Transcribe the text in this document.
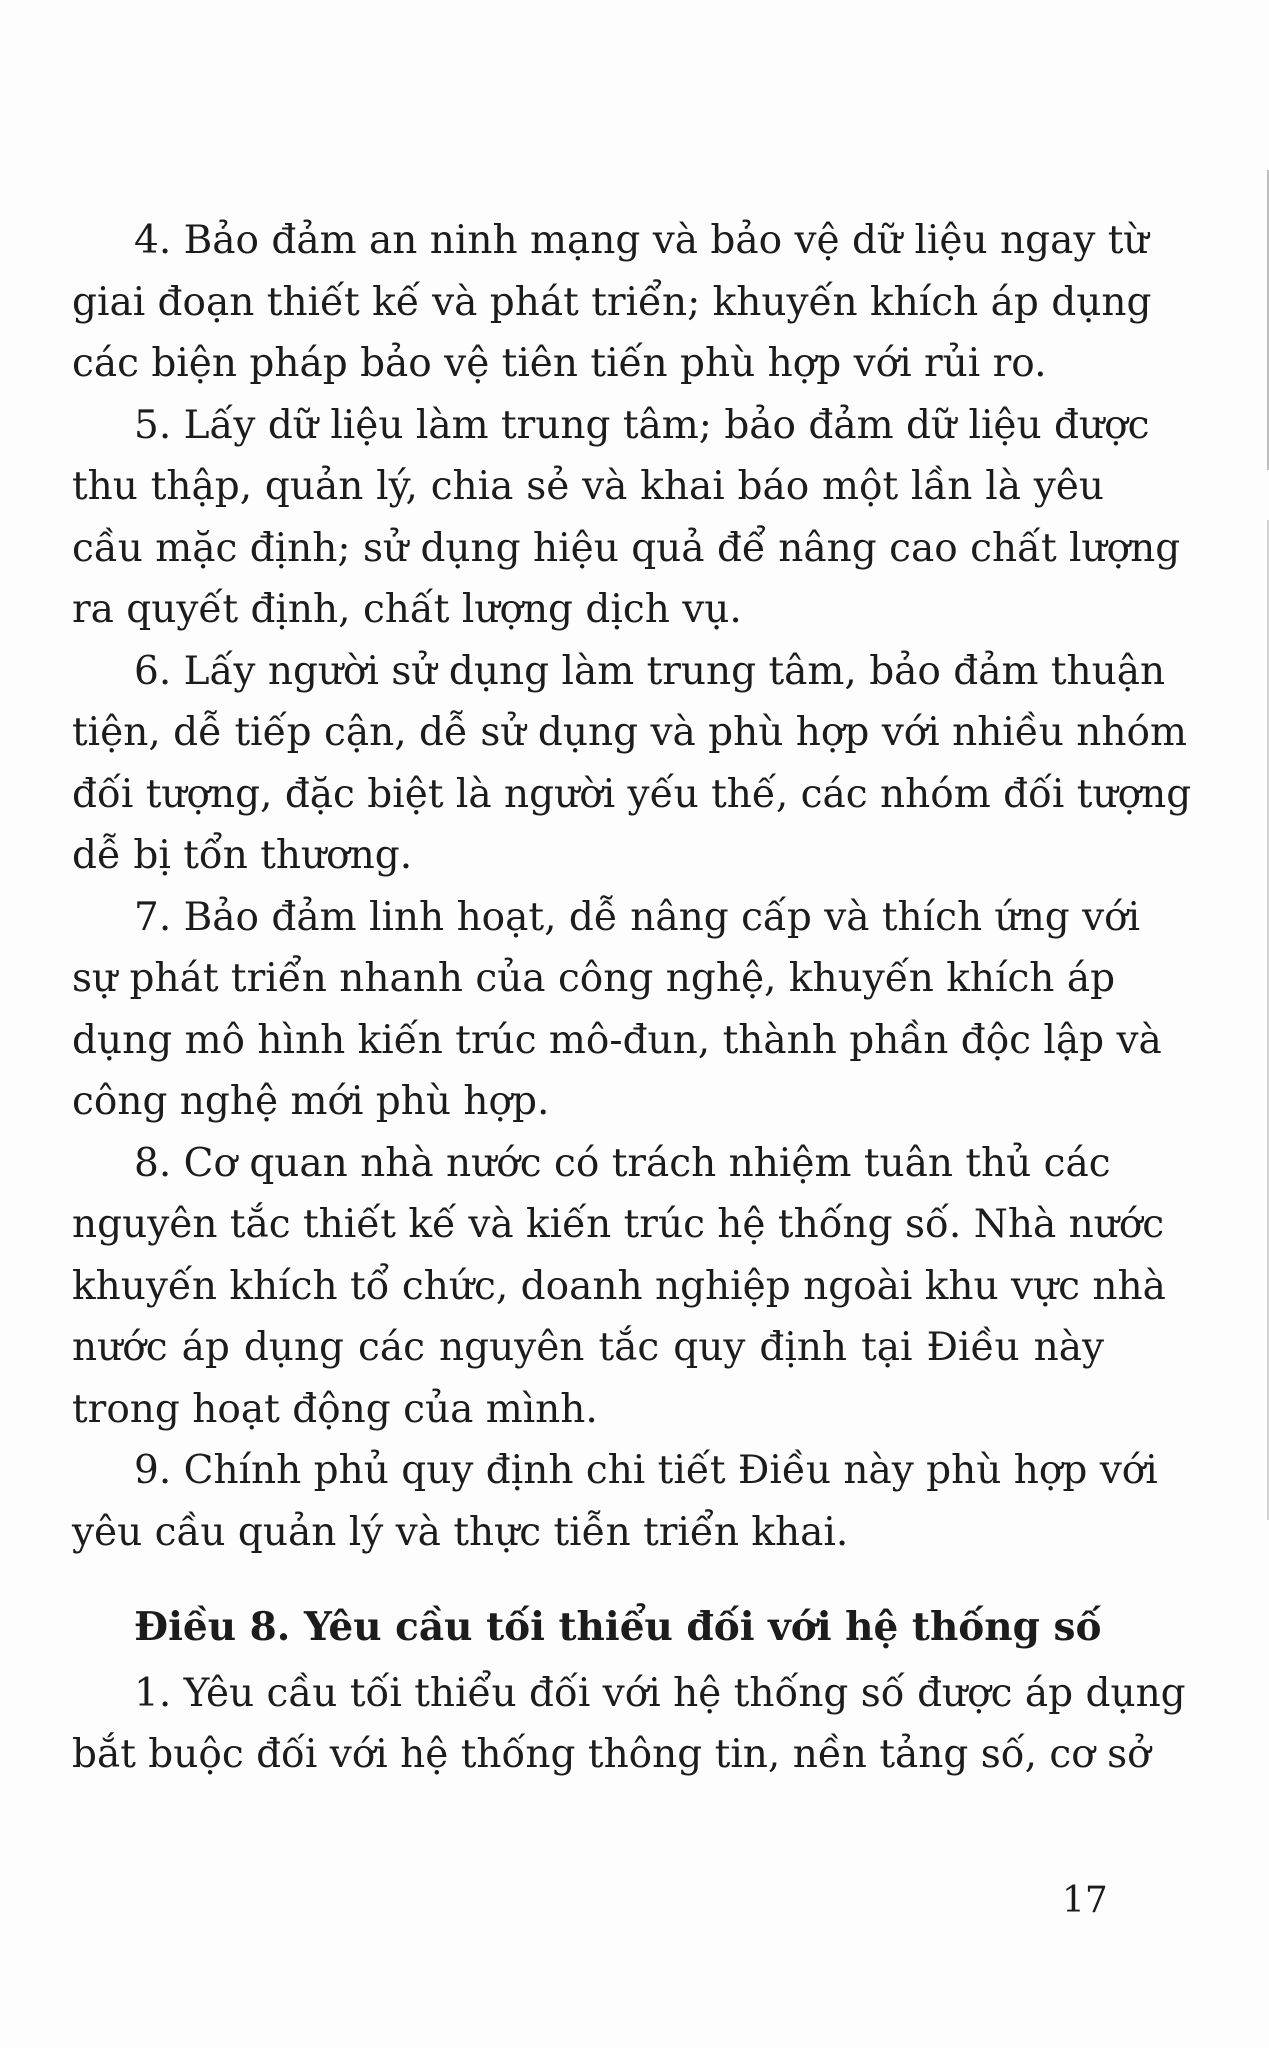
4. Bảo đảm an ninh mạng và bảo vệ dữ liệu ngay từ
giai đoạn thiết kế và phát triển; khuyến khích áp dụng
các biện pháp bảo vệ tiên tiến phù hợp với rủi ro.

5. Lấy dữ liệu làm trung tâm; bảo đảm dữ liệu được
thu thập, quản lý, chia sẻ và khai báo một lần là yêu
cầu mặc định; sử dụng hiệu quả để nâng cao chất lượng
ra quyết định, chất lượng dịch vụ.

6. Lấy người sử dụng làm trung tâm, bảo đảm thuận
tiện, dễ tiếp cận, dễ sử dụng và phù hợp với nhiều nhóm
đối tượng, đặc biệt là người yếu thế, các nhóm đối tượng
dễ bị tổn thương.

7. Bảo đảm linh hoạt, dễ nâng cấp và thích ứng với
sự phát triển nhanh của công nghệ, khuyến khích áp
dụng mô hình kiến trúc mô-đun, thành phần độc lập và
công nghệ mới phù hợp.

8. Cơ quan nhà nước có trách nhiệm tuân thủ các
nguyên tắc thiết kế và kiến trúc hệ thống số. Nhà nước
khuyến khích tổ chức, doanh nghiệp ngoài khu vực nhà
nước áp dụng các nguyên tắc quy định tại Điều này
trong hoạt động của mình.

9. Chính phủ quy định chi tiết Điều này phù hợp với
yêu cầu quản lý và thực tiễn triển khai.

Điều 8. Yêu cầu tối thiểu đối với hệ thống số

1. Yêu cầu tối thiểu đối với hệ thống số được áp dụng
bắt buộc đối với hệ thống thông tin, nền tảng số, cơ sở

17
